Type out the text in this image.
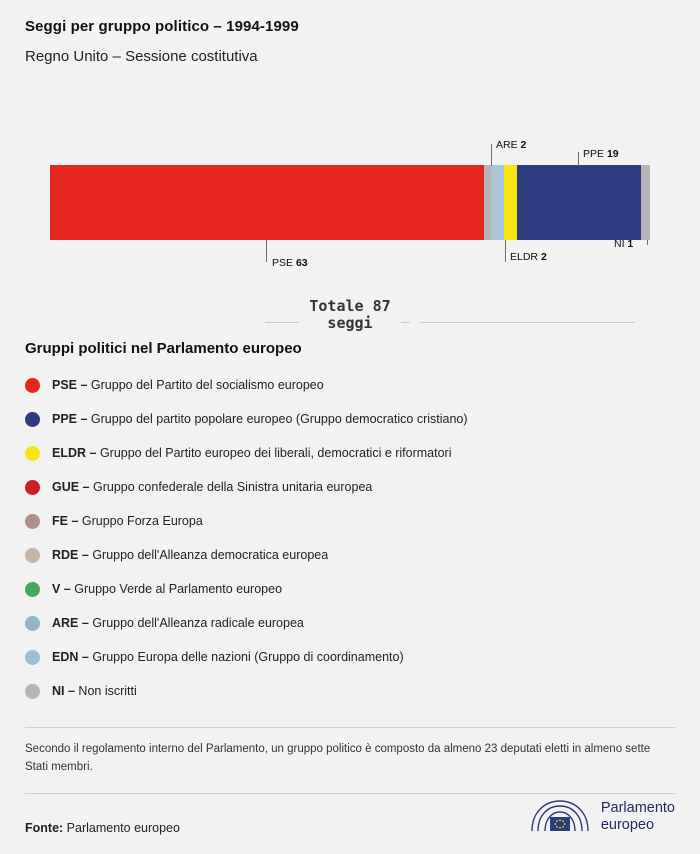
Seggi per gruppo politico – 1994-1999
Regno Unito – Sessione costitutiva
PSE 63
ARE 2
ELDR 2
PPE 19
NI 1
Totale 87
seggi
Gruppi politici nel Parlamento europeo
PSE – Gruppo del Partito del socialismo europeo
PPE – Gruppo del partito popolare europeo (Gruppo democratico cristiano)
ELDR – Gruppo del Partito europeo dei liberali, democratici e riformatori
GUE – Gruppo confederale della Sinistra unitaria europea
FE – Gruppo Forza Europa
RDE – Gruppo dell'Alleanza democratica europea
V – Gruppo Verde al Parlamento europeo
ARE – Gruppo dell'Alleanza radicale europea
EDN – Gruppo Europa delle nazioni (Gruppo di coordinamento)
NI – Non iscritti
Secondo il regolamento interno del Parlamento, un gruppo politico è composto da almeno 23 deputati eletti in almeno sette Stati membri.
Fonte: Parlamento europeo
Parlamento
europeo
